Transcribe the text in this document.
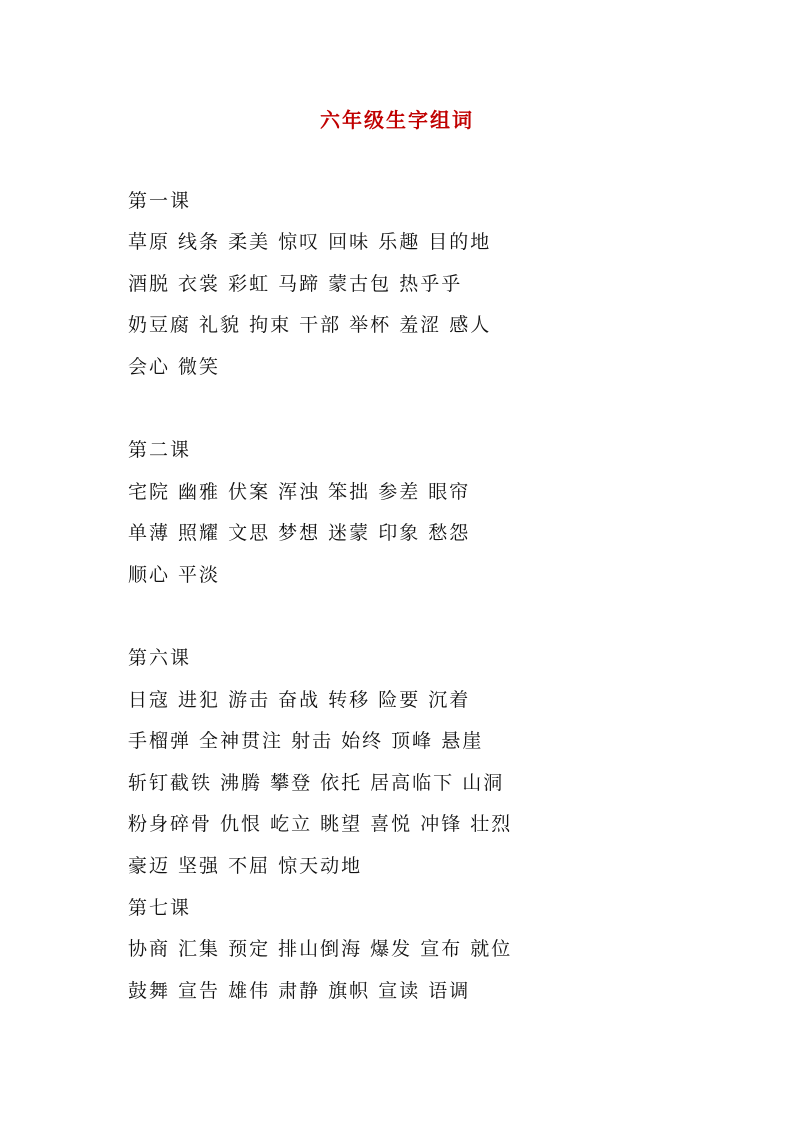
六年级生字组词
第一课
草原 线条 柔美 惊叹 回味 乐趣 目的地
酒脱 衣裳 彩虹 马蹄 蒙古包 热乎乎
奶豆腐 礼貌 拘束 干部 举杯 羞涩 感人
会心 微笑
第二课
宅院 幽雅 伏案 浑浊 笨拙 参差 眼帘
单薄 照耀 文思 梦想 迷蒙 印象 愁怨
顺心 平淡
第六课
日寇 进犯 游击 奋战 转移 险要 沉着
手榴弹 全神贯注 射击 始终 顶峰 悬崖
斩钉截铁 沸腾 攀登 依托 居高临下 山洞
粉身碎骨 仇恨 屹立 眺望 喜悦 冲锋 壮烈
豪迈 坚强 不屈 惊天动地
第七课
协商 汇集 预定 排山倒海 爆发 宣布 就位
鼓舞 宣告 雄伟 肃静 旗帜 宣读 语调
